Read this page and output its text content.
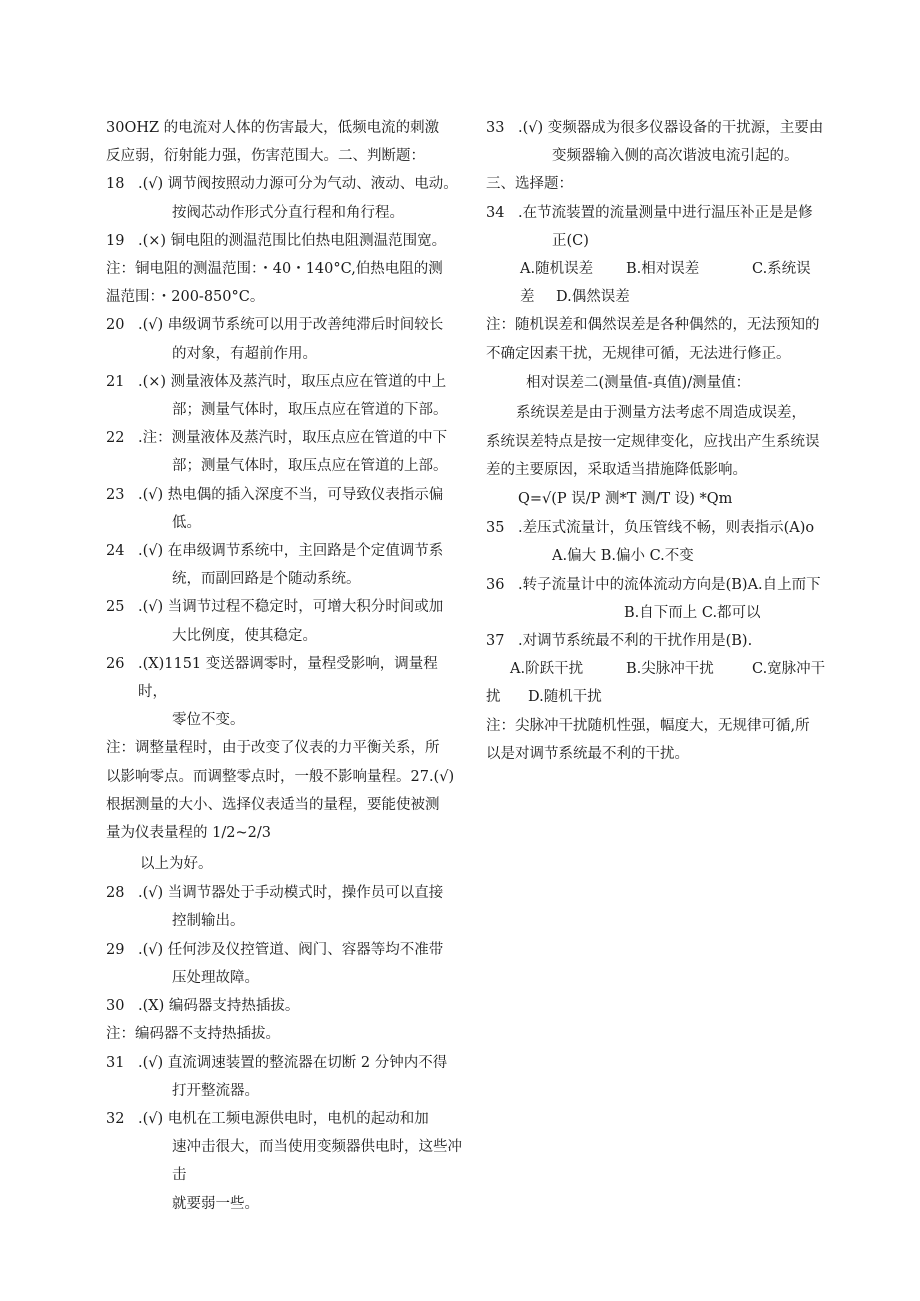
30OHZ 的电流对人体的伤害最大，低频电流的刺激

反应弱，衍射能力强，伤害范围大。二、判断题：

18 .(√) 调节阀按照动力源可分为气动、液动、电动。
按阀芯动作形式分直行程和角行程。
19 .(×) 铜电阻的测温范围比伯热电阻测温范围宽。

注：铜电阻的测温范围：・40・140°C,伯热电阻的测

温范围：・200-850°C。

20 .(√) 串级调节系统可以用于改善纯滞后时间较长
的对象，有超前作用。
21 .(×) 测量液体及蒸汽时，取压点应在管道的中上
部；测量气体时，取压点应在管道的下部。
22 .注：测量液体及蒸汽时，取压点应在管道的中下
部；测量气体时，取压点应在管道的上部。
23 .(√) 热电偶的插入深度不当，可导致仪表指示偏
低。
24 .(√) 在串级调节系统中，主回路是个定值调节系
统，而副回路是个随动系统。
25 .(√) 当调节过程不稳定时，可增大积分时间或加
大比例度，使其稳定。
26 .(X)1151 变送器调零时，量程受影响，调量程时，
零位不变。

注：调整量程时，由于改变了仪表的力平衡关系，所

以影响零点。而调整零点时，一般不影响量程。27.(√)

根据测量的大小、选择仪表适当的量程，要能使被测

量为仪表量程的 1/2~2/3

以上为好。

28 .(√) 当调节器处于手动模式时，操作员可以直接
控制输出。
29 .(√) 任何涉及仪控管道、阀门、容器等均不准带
压处理故障。
30 .(X) 编码器支持热插拔。

注：编码器不支持热插拔。

31 .(√) 直流调速装置的整流器在切断 2 分钟内不得
打开整流器。
32 .(√) 电机在工频电源供电时，电机的起动和加
速冲击很大，而当使用变频器供电时，这些冲击
就要弱一些。
33 .(√) 变频器成为很多仪器设备的干扰源，主要由
变频器输入侧的高次谐波电流引起的。

三、选择题：

34 .在节流装置的流量测量中进行温压补正是是修
正(C)
A.随机误差 B.相对误差	C.系统误
差 D.偶然误差

注：随机误差和偶然误差是各种偶然的，无法预知的

不确定因素干扰，无规律可循，无法进行修正。

相对误差二(测量值-真值)/测量值：

系统误差是由于测量方法考虑不周造成误差，

系统误差特点是按一定规律变化，应找出产生系统误

差的主要原因，采取适当措施降低影响。

Q=√(P 误/P 测*T 测/T 设) *Qm

35 .差压式流量计，负压管线不畅，则表指示(A)o
A.偏大 B.偏小 C.不变
36 .转子流量计中的流体流动方向是(B)A.自上而下
B.自下而上 C.都可以
37 .对调节系统最不利的干扰作用是(B).
A.阶跃干扰	B.尖脉冲干扰	C.宽脉冲干
扰 D.随机干扰

注：尖脉冲干扰随机性强，幅度大，无规律可循,所

以是对调节系统最不利的干扰。
